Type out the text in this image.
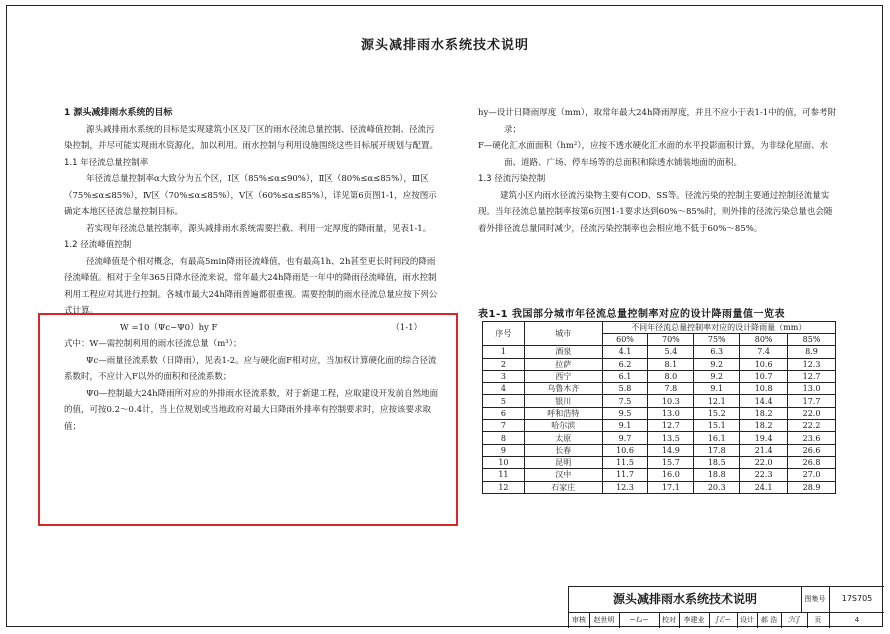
源头减排雨水系统技术说明

1 源头减排雨水系统的目标

源头减排雨水系统的目标是实现建筑小区及厂区的雨水径流总量控制、径流峰值控制、径流污染控制，并尽可能实现雨水资源化，加以利用。雨水控制与利用设施围绕这些目标展开规划与配置。

1.1 年径流总量控制率

年径流总量控制率α大致分为五个区，Ⅰ区（85%≤α≤90%），Ⅱ区（80%≤α≤85%），Ⅲ区（75%≤α≤85%），Ⅳ区（70%≤α≤85%），Ⅴ区（60%≤α≤85%），详见第6页图1-1，应按图示确定本地区径流总量控制目标。

若实现年径流总量控制率，源头减排雨水系统需要拦截、利用一定厚度的降雨量，见表1-1。

1.2 径流峰值控制

径流峰值是个相对概念，有最高5min降雨径流峰值，也有最高1h、2h甚至更长时间段的降雨径流峰值。相对于全年365日降水径流来说，常年最大24h降雨是一年中的降雨径流峰值，雨水控制利用工程应对其进行控制。各城市最大24h降雨普遍都很重视。需要控制的雨水径流总量应按下列公式计算。

W =10（Ψc−Ψ0）hy F	（1-1）

式中：W—需控制利用的雨水径流总量（m³）；

Ψc—雨量径流系数（日降雨），见表1-2。应与硬化面F相对应，当加权计算硬化面的综合径流系数时，不应计入F以外的面积和径流系数；

Ψ0—控制最大24h降雨所对应的外排雨水径流系数，对于新建工程，应取建设开发前自然地面的值，可按0.2～0.4计，当上位规划或当地政府对最大日降雨外排率有控制要求时，应按该要求取值；

hy—设计日降雨厚度（mm），取常年最大24h降雨厚度，并且不应小于表1-1中的值，可参考附录；

F—硬化汇水面面积（hm²），应按不透水硬化汇水面的水平投影面积计算，为非绿化屋面、水面、道路、广场、停车场等的总面积和除透水铺装地面的面积。

1.3 径流污染控制

建筑小区内雨水径流污染物主要有COD、SS等。径流污染的控制主要通过控制径流量实现。当年径流总量控制率按第6页图1-1要求达到60%～85%时，则外排的径流污染总量也会随着外排径流总量同时减少，径流污染控制率也会相应地不低于60%～85%。

表1-1 我国部分城市年径流总量控制率对应的设计降雨量值一览表
序号	城市	不同年径流总量控制率对应的设计降雨量（mm）				
		60%	70%	75%	80%	85%
1	酒泉	4.1	5.4	6.3	7.4	8.9
2	拉萨	6.2	8.1	9.2	10.6	12.3
3	西宁	6.1	8.0	9.2	10.7	12.7
4	乌鲁木齐	5.8	7.8	9.1	10.8	13.0
5	银川	7.5	10.3	12.1	14.4	17.7
6	呼和浩特	9.5	13.0	15.2	18.2	22.0
7	哈尔滨	9.1	12.7	15.1	18.2	22.2
8	太原	9.7	13.5	16.1	19.4	23.6
9	长春	10.6	14.9	17.8	21.4	26.6
10	昆明	11.5	15.7	18.5	22.0	26.8
11	汉中	11.7	16.0	18.8	22.3	27.0
12	石家庄	12.3	17.1	20.3	24.1	28.9
源头减排雨水系统技术说明	图集号	17S705
审核	赵世明	~ℓ𝓈~	校对	李建业	∫ℰ~	设计 郝 浩	ℋ∫	页	4
